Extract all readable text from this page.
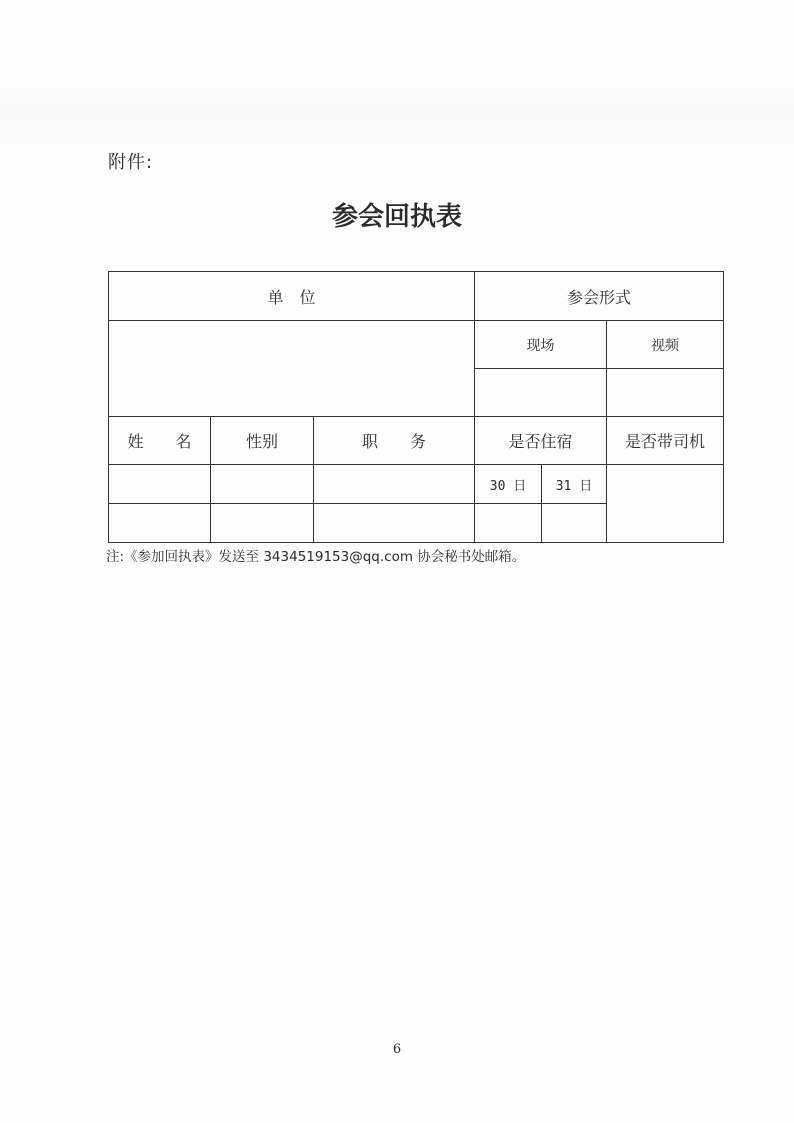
附件:
参会回执表
单　位			参会形式		
			现场		视频

姓　　名	性别	职　　务	是否住宿		是否带司机
			30 日	31 日	

注:《参加回执表》发送至 3434519153@qq.com 协会秘书处邮箱。
6
